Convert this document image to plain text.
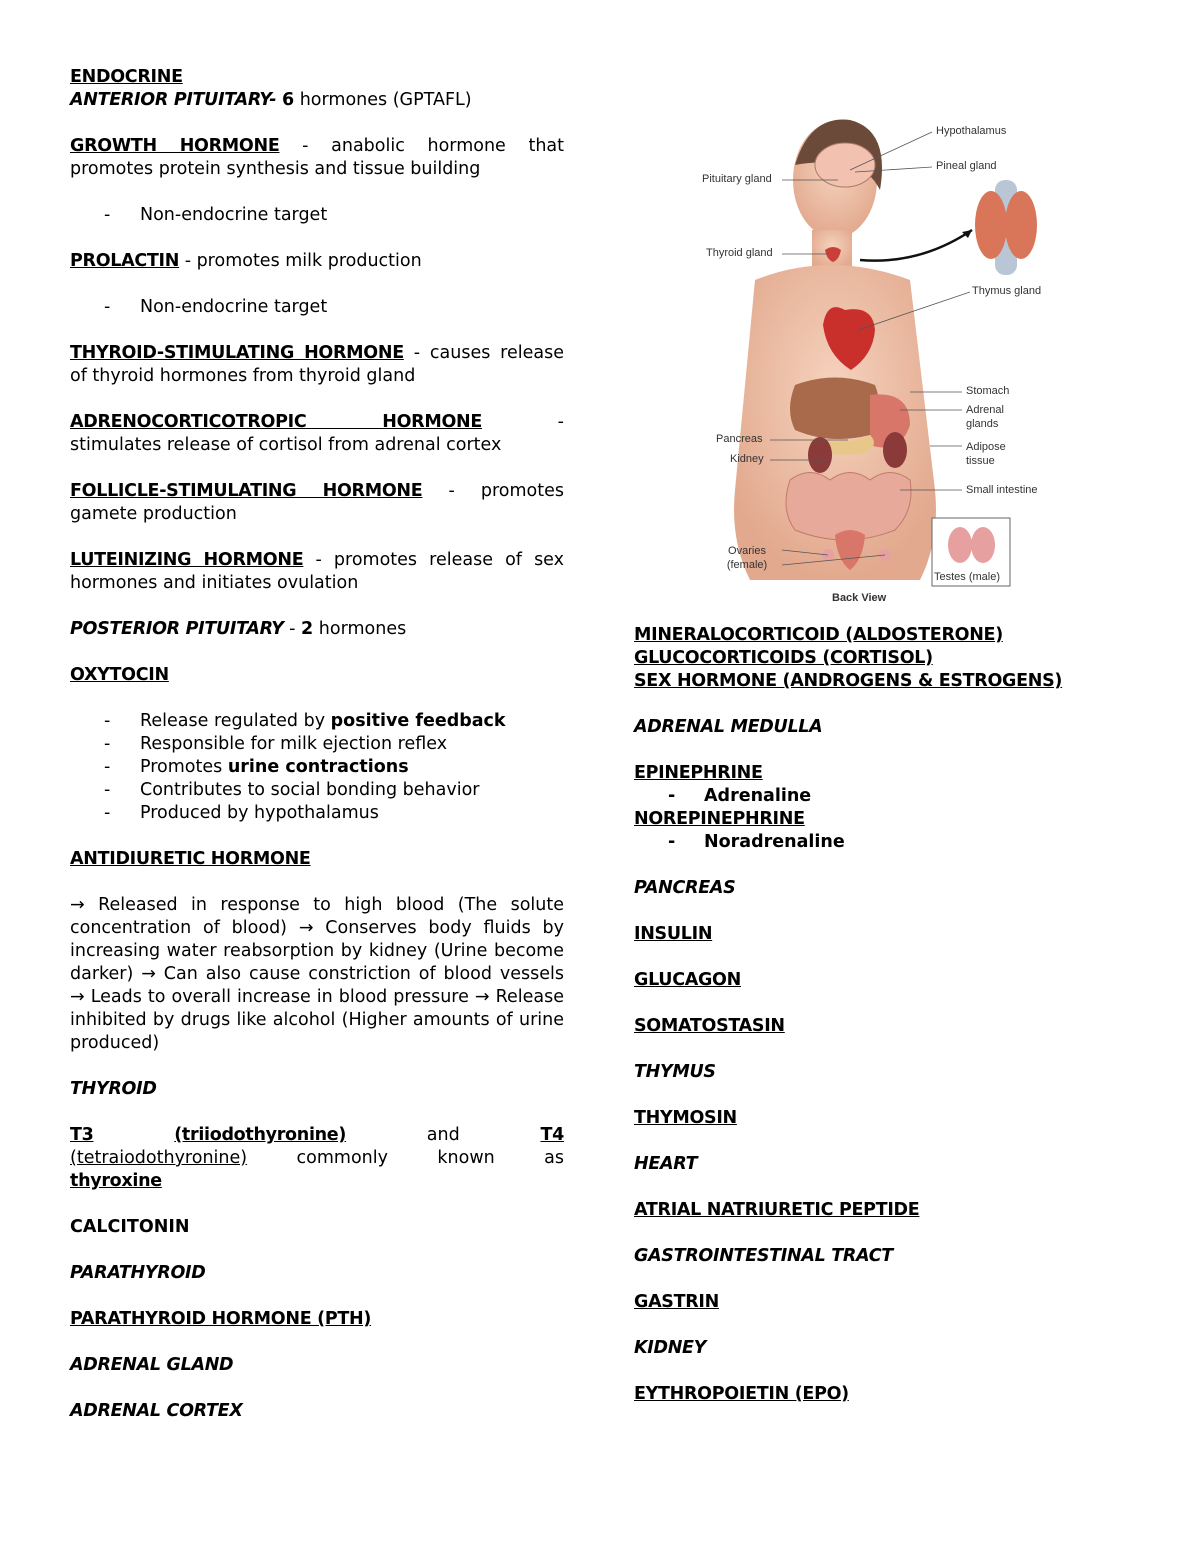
ENDOCRINE

ANTERIOR PITUITARY- 6 hormones (GPTAFL)

GROWTH HORMONE - anabolic hormone that promotes protein synthesis and tissue building

- Non-endocrine target

PROLACTIN - promotes milk production

- Non-endocrine target

THYROID-STIMULATING HORMONE - causes release of thyroid hormones from thyroid gland

ADRENOCORTICOTROPIC HORMONE	-

stimulates release of cortisol from adrenal cortex

FOLLICLE-STIMULATING HORMONE - promotes gamete production

LUTEINIZING HORMONE - promotes release of sex hormones and initiates ovulation

POSTERIOR PITUITARY - 2 hormones

OXYTOCIN

- Release regulated by positive feedback
- Responsible for milk ejection reflex
- Promotes urine contractions
- Contributes to social bonding behavior
- Produced by hypothalamus

ANTIDIURETIC HORMONE

→ Released in response to high blood (The solute concentration of blood) → Conserves body fluids by increasing water reabsorption by kidney (Urine become darker) → Can also cause constriction of blood vessels → Leads to overall increase in blood pressure → Release inhibited by drugs like alcohol (Higher amounts of urine produced)

THYROID

T3	(triiodothyronine)	and	T4

(tetraiodothyronine)	commonly	known	as

thyroxine

CALCITONIN

PARATHYROID

PARATHYROID HORMONE (PTH)

ADRENAL GLAND

ADRENAL CORTEX

Hypothalamus
Pineal gland
Pituitary gland
Thyroid gland
Thymus gland
Stomach
Adrenal glands
Pancreas
Kidney
Adipose tissue
Small intestine
Ovaries (female)
Testes (male)
Back View

MINERALOCORTICOID (ALDOSTERONE)

GLUCOCORTICOIDS (CORTISOL)

SEX HORMONE (ANDROGENS & ESTROGENS)

ADRENAL MEDULLA

EPINEPHRINE

- Adrenaline

NOREPINEPHRINE

- Noradrenaline

PANCREAS

INSULIN

GLUCAGON

SOMATOSTASIN

THYMUS

THYMOSIN

HEART

ATRIAL NATRIURETIC PEPTIDE

GASTROINTESTINAL TRACT

GASTRIN

KIDNEY

EYTHROPOIETIN (EPO)
